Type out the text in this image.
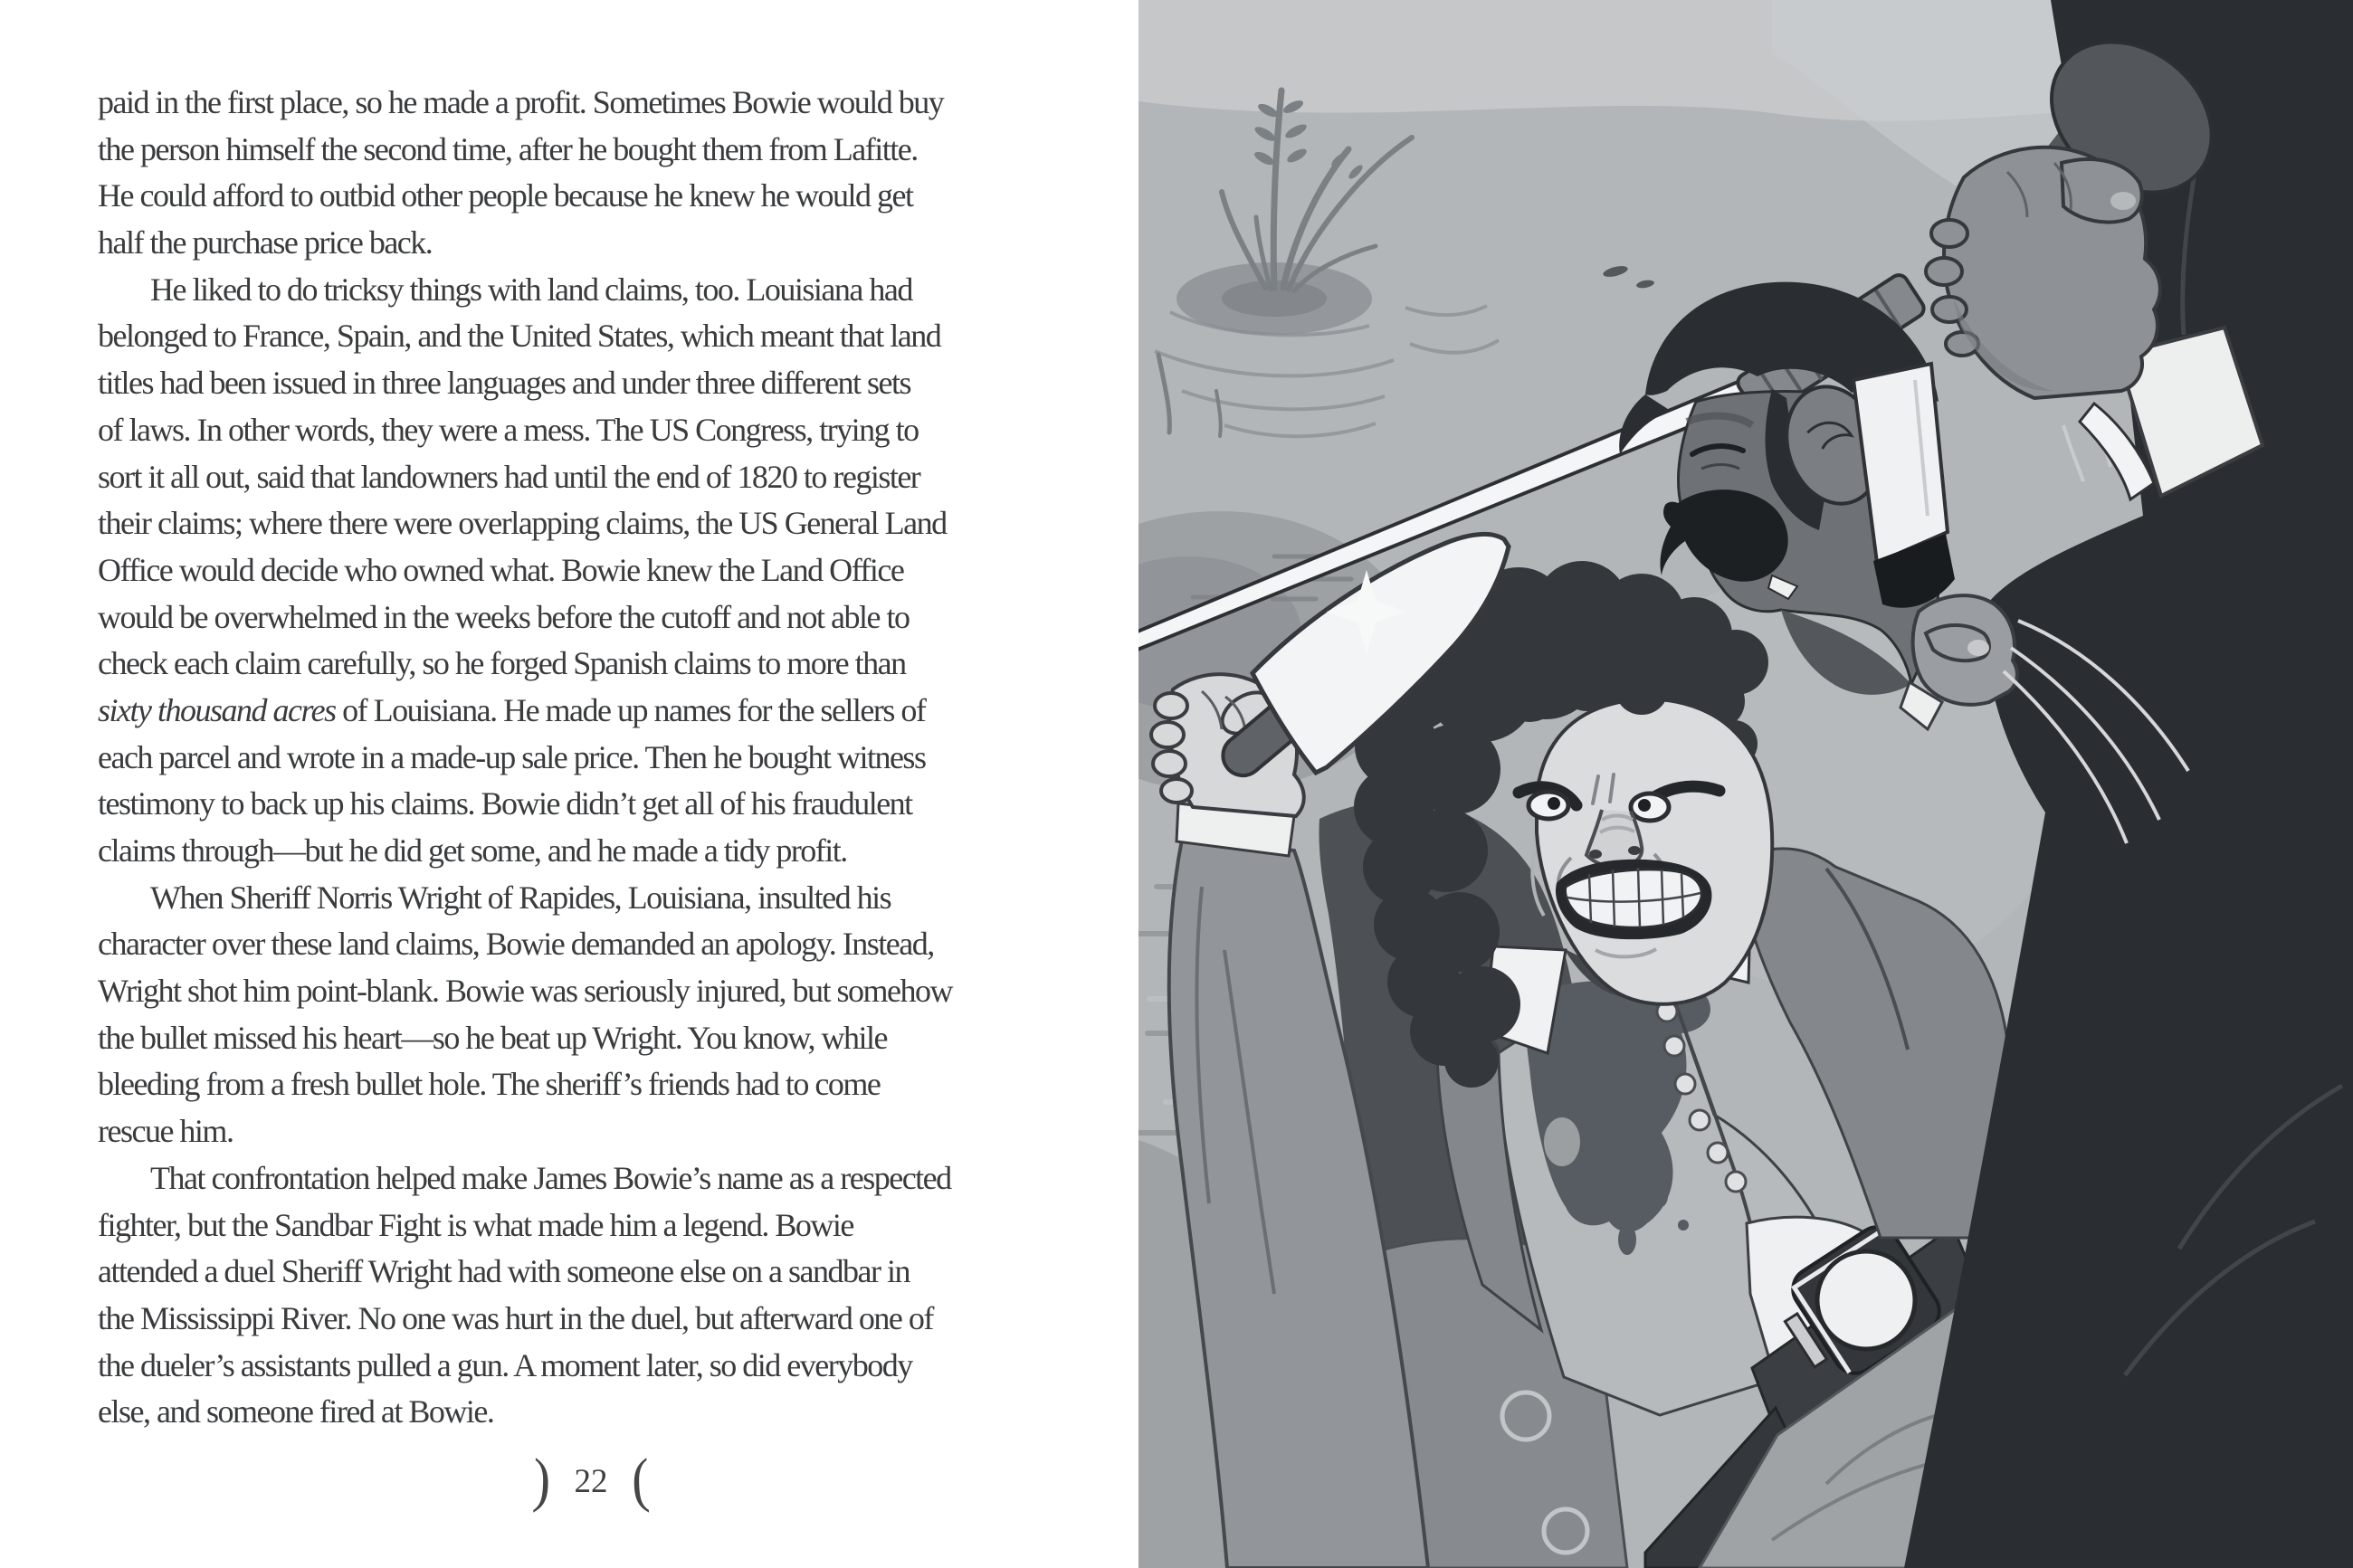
paid in the first place, so he made a profit. Sometimes Bowie would buy
the person himself the second time, after he bought them from Lafitte.
He could afford to outbid other people because he knew he would get
half the purchase price back.
He liked to do tricksy things with land claims, too. Louisiana had
belonged to France, Spain, and the United States, which meant that land
titles had been issued in three languages and under three different sets
of laws. In other words, they were a mess. The US Congress, trying to
sort it all out, said that landowners had until the end of 1820 to register
their claims; where there were overlapping claims, the US General Land
Office would decide who owned what. Bowie knew the Land Office
would be overwhelmed in the weeks before the cutoff and not able to
check each claim carefully, so he forged Spanish claims to more than
sixty thousand acres of Louisiana. He made up names for the sellers of
each parcel and wrote in a made-up sale price. Then he bought witness
testimony to back up his claims. Bowie didn’t get all of his fraudulent
claims through—but he did get some, and he made a tidy profit.
When Sheriff Norris Wright of Rapides, Louisiana, insulted his
character over these land claims, Bowie demanded an apology. Instead,
Wright shot him point-blank. Bowie was seriously injured, but somehow
the bullet missed his heart—so he beat up Wright. You know, while
bleeding from a fresh bullet hole. The sheriff’s friends had to come
rescue him.
That confrontation helped make James Bowie’s name as a respected
fighter, but the Sandbar Fight is what made him a legend. Bowie
attended a duel Sheriff Wright had with someone else on a sandbar in
the Mississippi River. No one was hurt in the duel, but afterward one of
the dueler’s assistants pulled a gun. A moment later, so did everybody
else, and someone fired at Bowie.
) 22 (
